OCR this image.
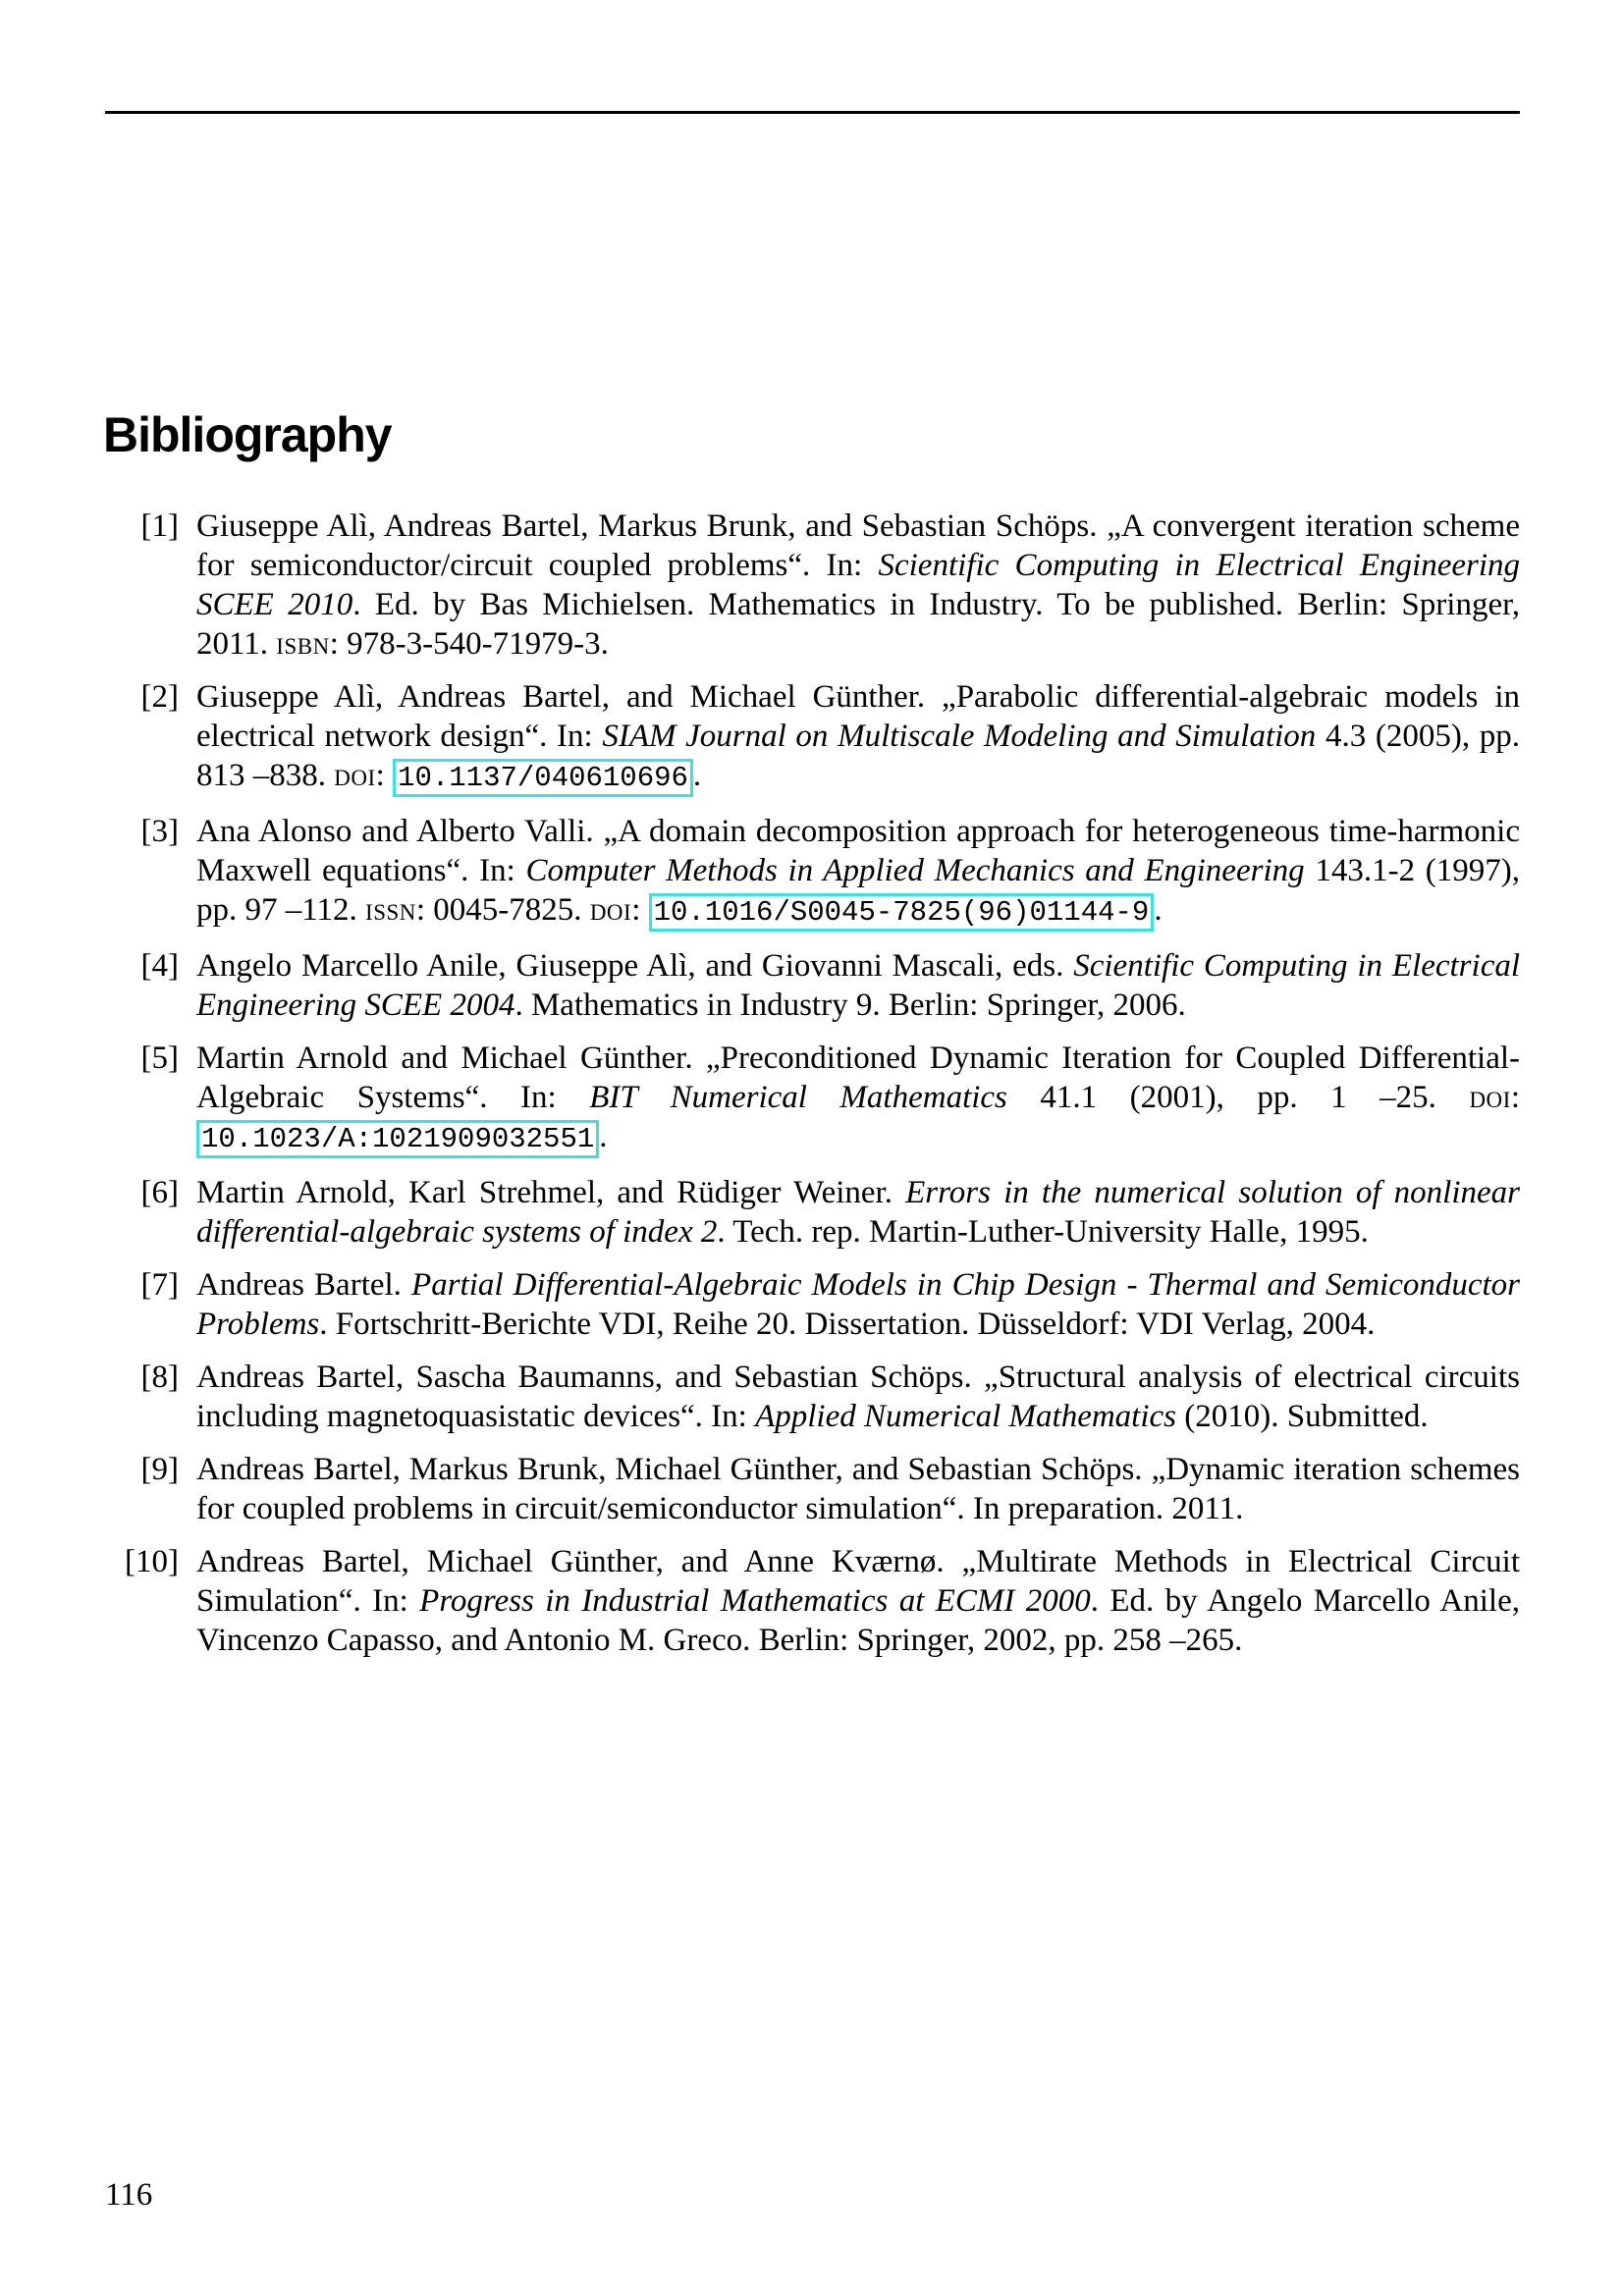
Bibliography
[1] Giuseppe Alì, Andreas Bartel, Markus Brunk, and Sebastian Schöps. „A convergent iteration scheme for semiconductor/circuit coupled problems“. In: Scientific Computing in Electrical Engineering SCEE 2010. Ed. by Bas Michielsen. Mathematics in Industry. To be published. Berlin: Springer, 2011. isbn: 978-3-540-71979-3.
[2] Giuseppe Alì, Andreas Bartel, and Michael Günther. „Parabolic differential-algebraic models in electrical network design“. In: SIAM Journal on Multiscale Modeling and Simulation 4.3 (2005), pp. 813 –838. doi: 10.1137/040610696 .
[3] Ana Alonso and Alberto Valli. „A domain decomposition approach for heterogeneous time-harmonic Maxwell equations“. In: Computer Methods in Applied Mechanics and Engineering 143.1-2 (1997), pp. 97 –112. issn: 0045-7825. doi: 10.1016/S0045-7825(96)01144-9 .
[4] Angelo Marcello Anile, Giuseppe Alì, and Giovanni Mascali, eds. Scientific Computing in Electrical Engineering SCEE 2004. Mathematics in Industry 9. Berlin: Springer, 2006.
[5] Martin Arnold and Michael Günther. „Preconditioned Dynamic Iteration for Coupled Differential-Algebraic Systems“. In: BIT Numerical Mathematics 41.1 (2001), pp. 1 –25. doi: 10.1023/A:1021909032551 .
[6] Martin Arnold, Karl Strehmel, and Rüdiger Weiner. Errors in the numerical solution of nonlinear differential-algebraic systems of index 2. Tech. rep. Martin-Luther-University Halle, 1995.
[7] Andreas Bartel. Partial Differential-Algebraic Models in Chip Design - Thermal and Semiconductor Problems. Fortschritt-Berichte VDI, Reihe 20. Dissertation. Düsseldorf: VDI Verlag, 2004.
[8] Andreas Bartel, Sascha Baumanns, and Sebastian Schöps. „Structural analysis of electrical circuits including magnetoquasistatic devices“. In: Applied Numerical Mathematics (2010). Submitted.
[9] Andreas Bartel, Markus Brunk, Michael Günther, and Sebastian Schöps. „Dynamic iteration schemes for coupled problems in circuit/semiconductor simulation“. In preparation. 2011.
[10] Andreas Bartel, Michael Günther, and Anne Kværnø. „Multirate Methods in Electrical Circuit Simulation“. In: Progress in Industrial Mathematics at ECMI 2000. Ed. by Angelo Marcello Anile, Vincenzo Capasso, and Antonio M. Greco. Berlin: Springer, 2002, pp. 258 –265.
116
